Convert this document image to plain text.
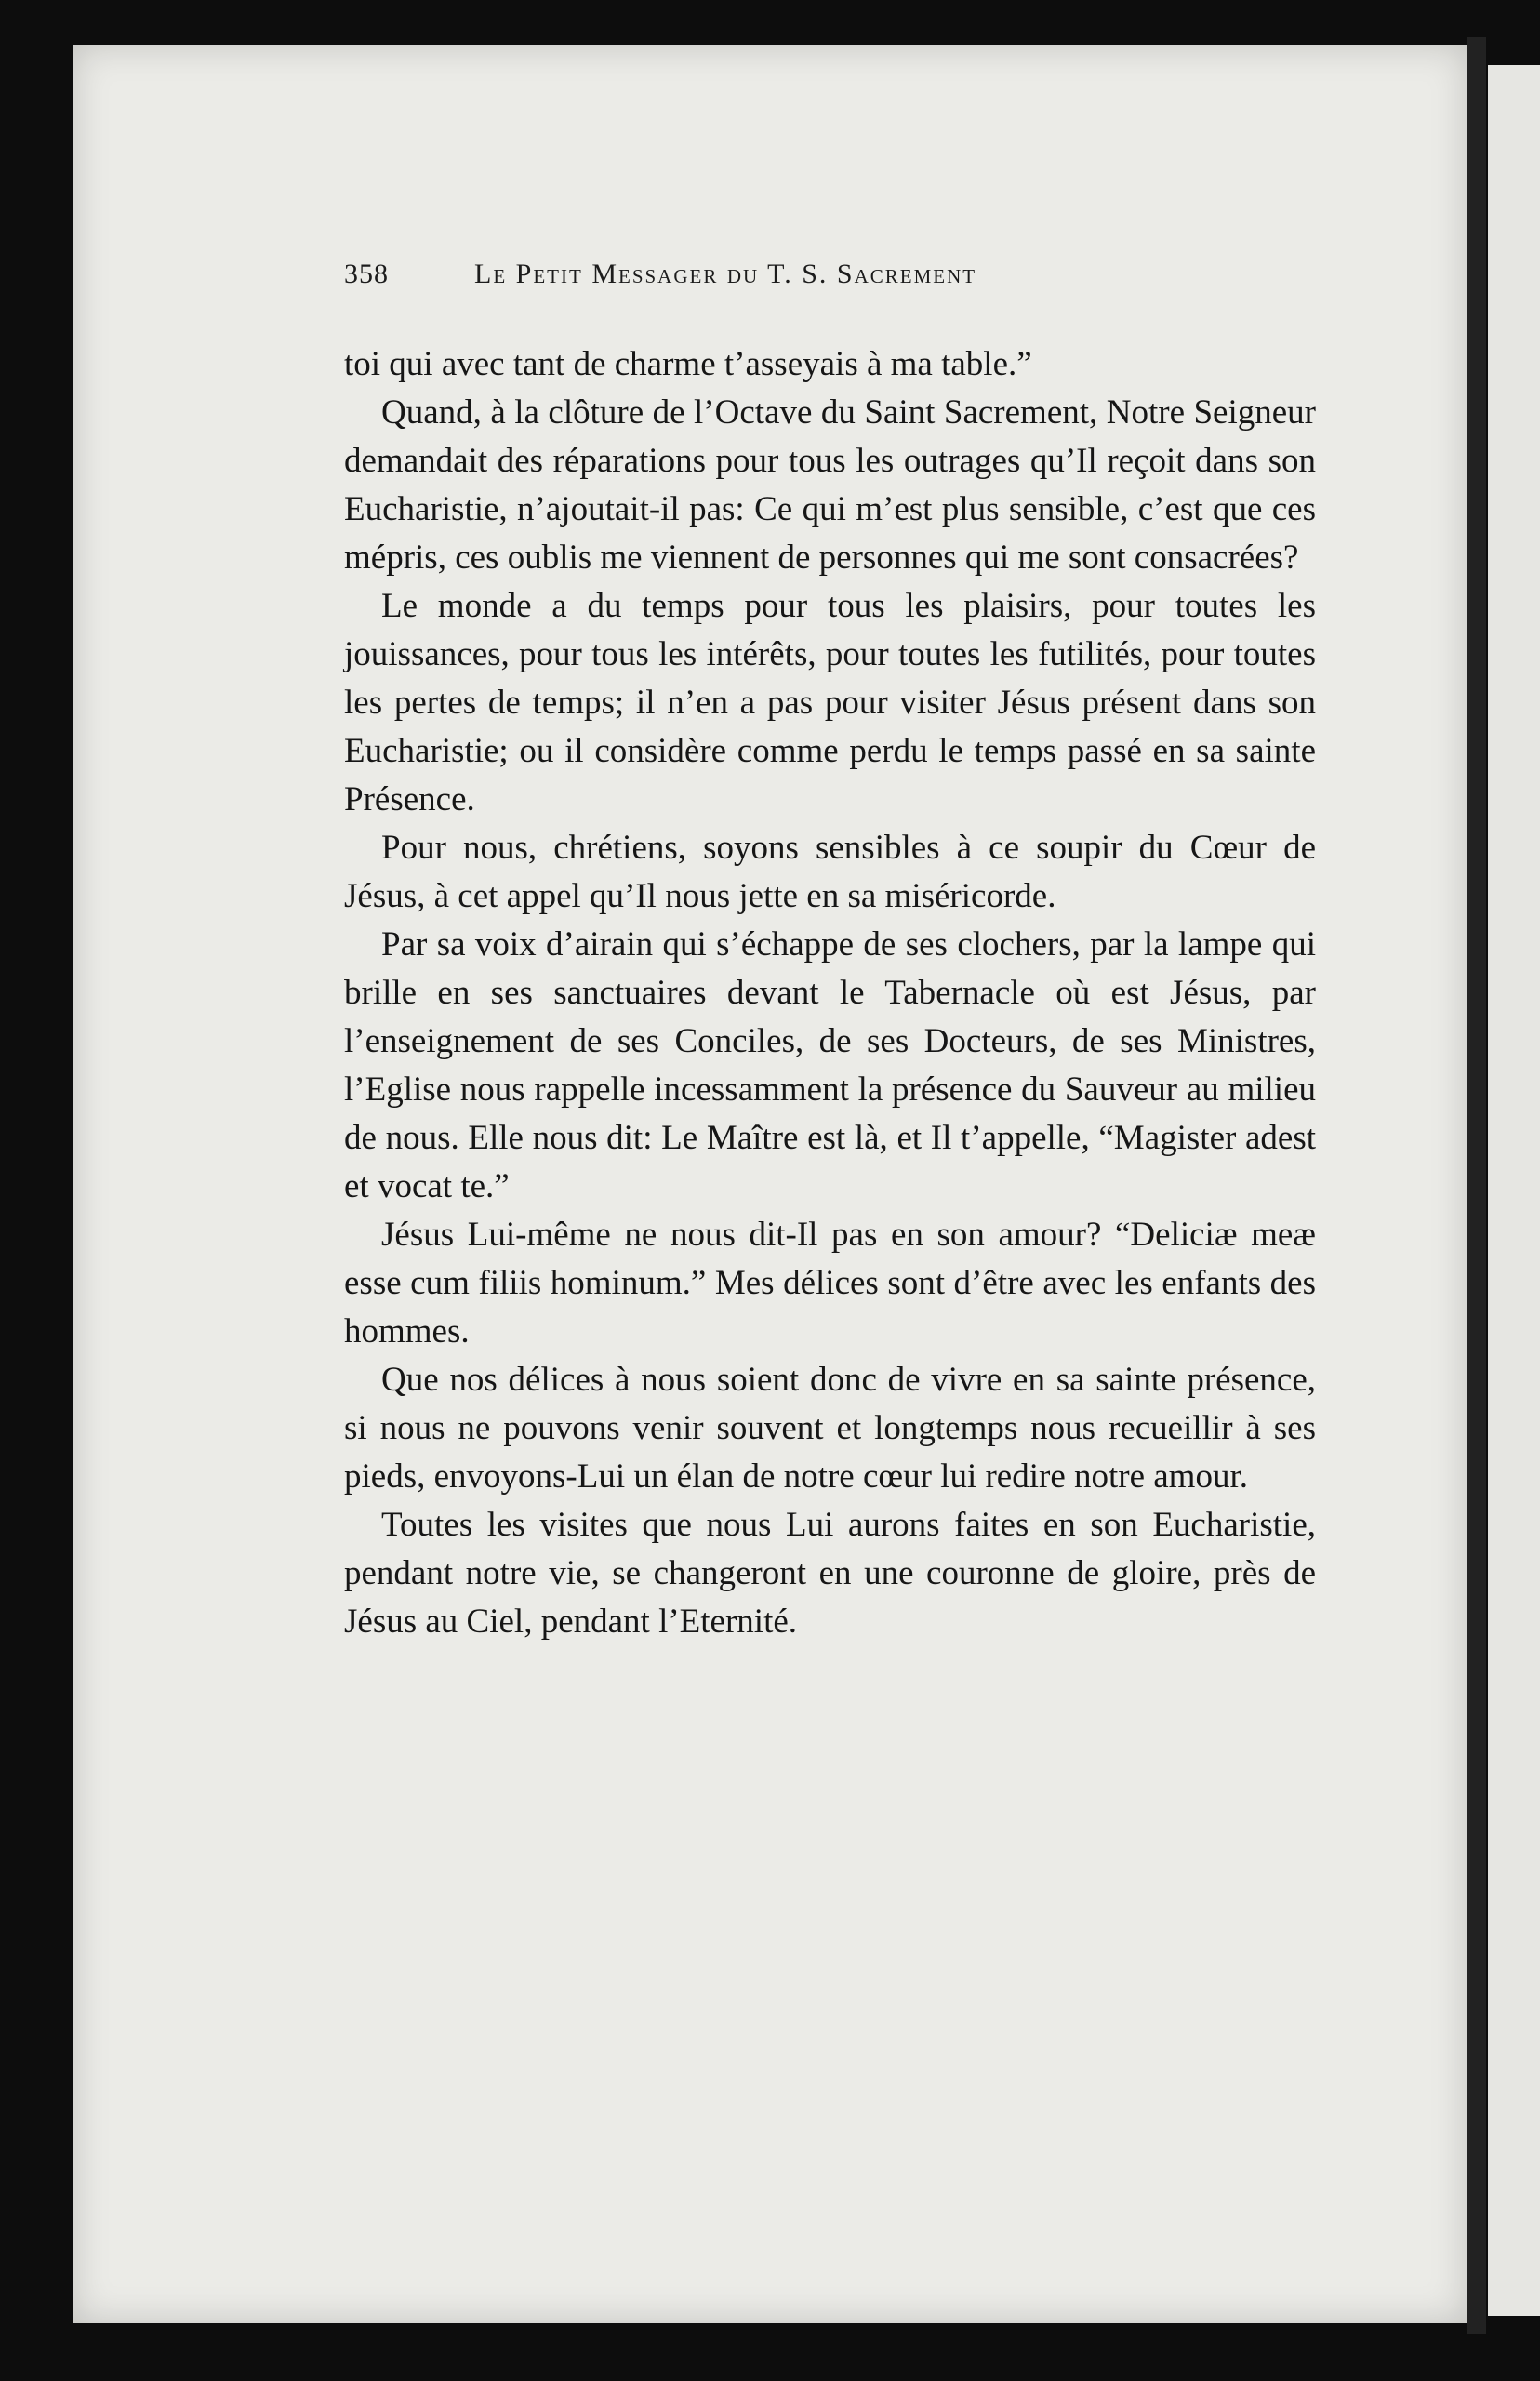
358	Le Petit Messager du T. S. Sacrement

toi qui avec tant de charme t’asseyais à ma table.”

Quand, à la clôture de l’Octave du Saint Sacrement, Notre Seigneur demandait des réparations pour tous les outrages qu’Il reçoit dans son Eucharistie, n’ajoutait-il pas: Ce qui m’est plus sensible, c’est que ces mépris, ces oublis me viennent de personnes qui me sont consacrées?

Le monde a du temps pour tous les plaisirs, pour toutes les jouissances, pour tous les intérêts, pour toutes les futilités, pour toutes les pertes de temps; il n’en a pas pour visiter Jésus présent dans son Eucharistie; ou il considère comme perdu le temps passé en sa sainte Présence.

Pour nous, chrétiens, soyons sensibles à ce soupir du Cœur de Jésus, à cet appel qu’Il nous jette en sa miséricorde.

Par sa voix d’airain qui s’échappe de ses clochers, par la lampe qui brille en ses sanctuaires devant le Tabernacle où est Jésus, par l’enseignement de ses Conciles, de ses Docteurs, de ses Ministres, l’Eglise nous rappelle incessamment la présence du Sauveur au milieu de nous. Elle nous dit: Le Maître est là, et Il t’appelle, “Magister adest et vocat te.”

Jésus Lui-même ne nous dit-Il pas en son amour? “Deliciæ meæ esse cum filiis hominum.” Mes délices sont d’être avec les enfants des hommes.

Que nos délices à nous soient donc de vivre en sa sainte présence, si nous ne pouvons venir souvent et longtemps nous recueillir à ses pieds, envoyons-Lui un élan de notre cœur lui redire notre amour.

Toutes les visites que nous Lui aurons faites en son Eucharistie, pendant notre vie, se changeront en une couronne de gloire, près de Jésus au Ciel, pendant l’Eternité.
